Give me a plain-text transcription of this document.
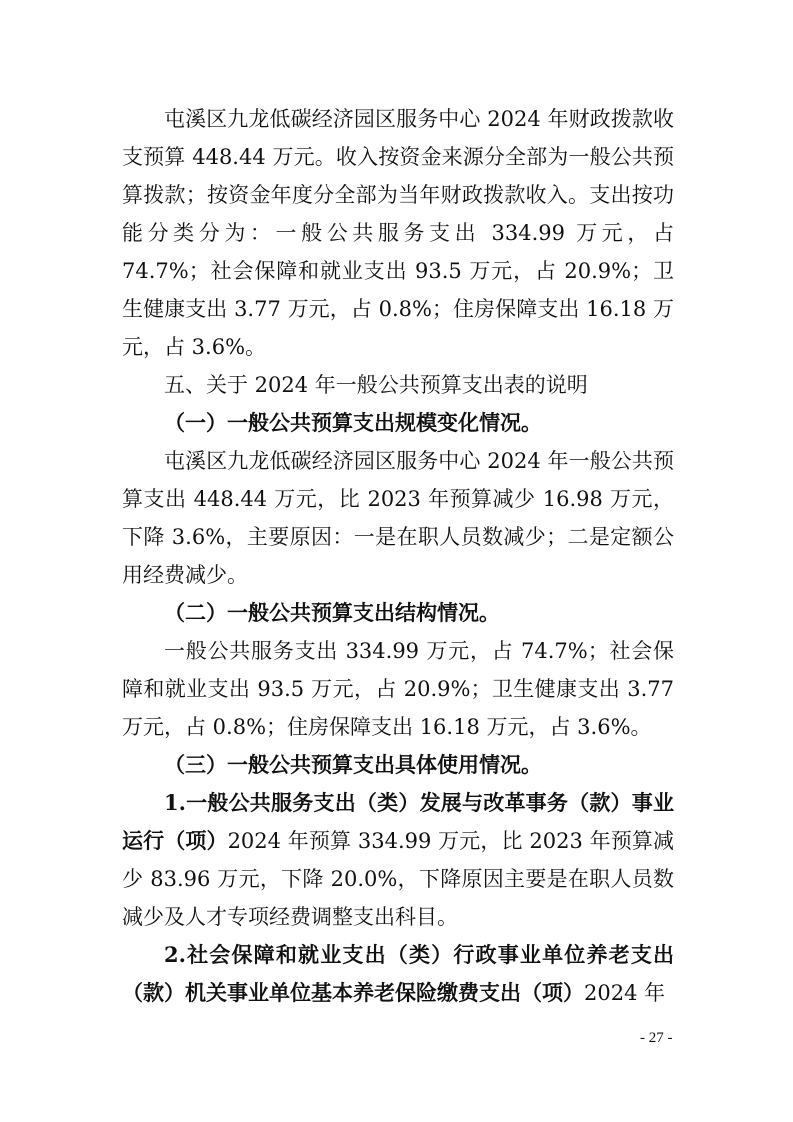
屯溪区九龙低碳经济园区服务中心 2024 年财政拨款收支预算 448.44 万元。收入按资金来源分全部为一般公共预算拨款；按资金年度分全部为当年财政拨款收入。支出按功能分类分为：一般公共服务支出 334.99 万元，占 74.7%；社会保障和就业支出 93.5 万元，占 20.9%；卫生健康支出 3.77 万元，占 0.8%；住房保障支出 16.18 万元，占 3.6%。

五、关于 2024 年一般公共预算支出表的说明

（一）一般公共预算支出规模变化情况。

屯溪区九龙低碳经济园区服务中心 2024 年一般公共预算支出 448.44 万元，比 2023 年预算减少 16.98 万元，下降 3.6%，主要原因：一是在职人员数减少；二是定额公用经费减少。

（二）一般公共预算支出结构情况。

一般公共服务支出 334.99 万元，占 74.7%；社会保障和就业支出 93.5 万元，占 20.9%；卫生健康支出 3.77 万元，占 0.8%；住房保障支出 16.18 万元，占 3.6%。

（三）一般公共预算支出具体使用情况。

1.一般公共服务支出（类）发展与改革事务（款）事业运行（项）2024 年预算 334.99 万元，比 2023 年预算减少 83.96 万元，下降 20.0%，下降原因主要是在职人员数减少及人才专项经费调整支出科目。

2.社会保障和就业支出（类）行政事业单位养老支出（款）机关事业单位基本养老保险缴费支出（项）2024 年

- 27 -
